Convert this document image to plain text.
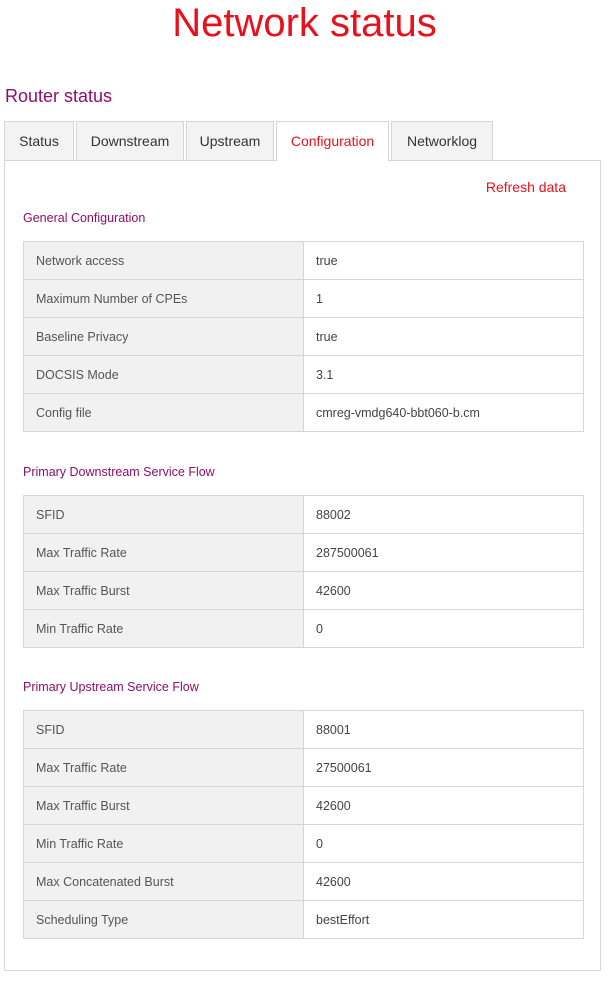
Network status
Router status
Status	Downstream	Upstream	Configuration	Networklog
Refresh data
General Configuration
Network access	true
Maximum Number of CPEs	1
Baseline Privacy	true
DOCSIS Mode	3.1
Config file	cmreg-vmdg640-bbt060-b.cm
Primary Downstream Service Flow
SFID	88002
Max Traffic Rate	287500061
Max Traffic Burst	42600
Min Traffic Rate	0
Primary Upstream Service Flow
SFID	88001
Max Traffic Rate	27500061
Max Traffic Burst	42600
Min Traffic Rate	0
Max Concatenated Burst	42600
Scheduling Type	bestEffort
